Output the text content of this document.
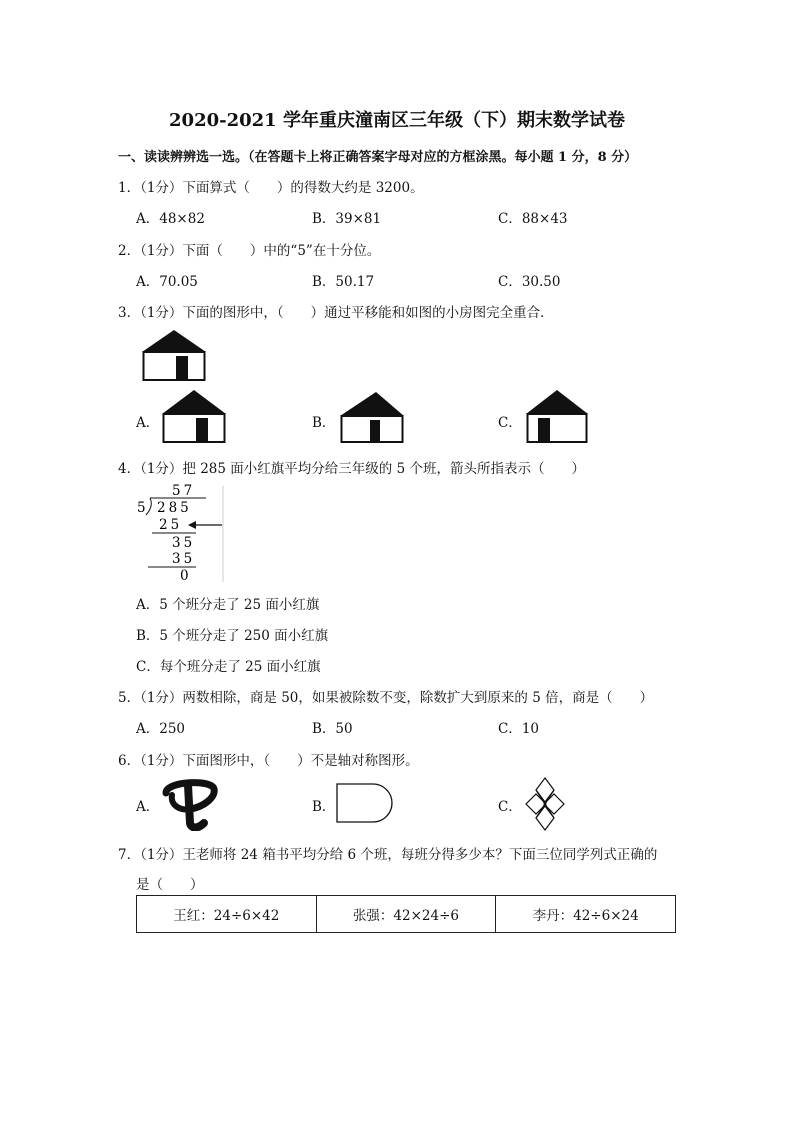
2020-2021 学年重庆潼南区三年级（下）期末数学试卷
一、读读辨辨选一选。（在答题卡上将正确答案字母对应的方框涂黑。每小题 1 分，8 分）
1．（1分）下面算式（　　）的得数大约是 3200。
A．48×82	B．39×81	C．88×43
2．（1分）下面（　　）中的“5”在十分位。
A．70.05	B．50.17	C．30.50
3．（1分）下面的图形中，（　　）通过平移能和如图的小房图完全重合．
A．	B．	C．
4．（1分）把 285 面小红旗平均分给三年级的 5 个班，箭头所指表示（　　）
57
5 285
25
35
35
0
A．5 个班分走了 25 面小红旗
B．5 个班分走了 250 面小红旗
C．每个班分走了 25 面小红旗
5．（1分）两数相除，商是 50，如果被除数不变，除数扩大到原来的 5 倍，商是（　　）
A．250	B．50	C．10
6．（1分）下面图形中，（　　）不是轴对称图形。
A．	B．	C．
7．（1分）王老师将 24 箱书平均分给 6 个班，每班分得多少本？下面三位同学列式正确的
是（　　）
王红：24÷6×42	张强：42×24÷6	李丹：42÷6×24
